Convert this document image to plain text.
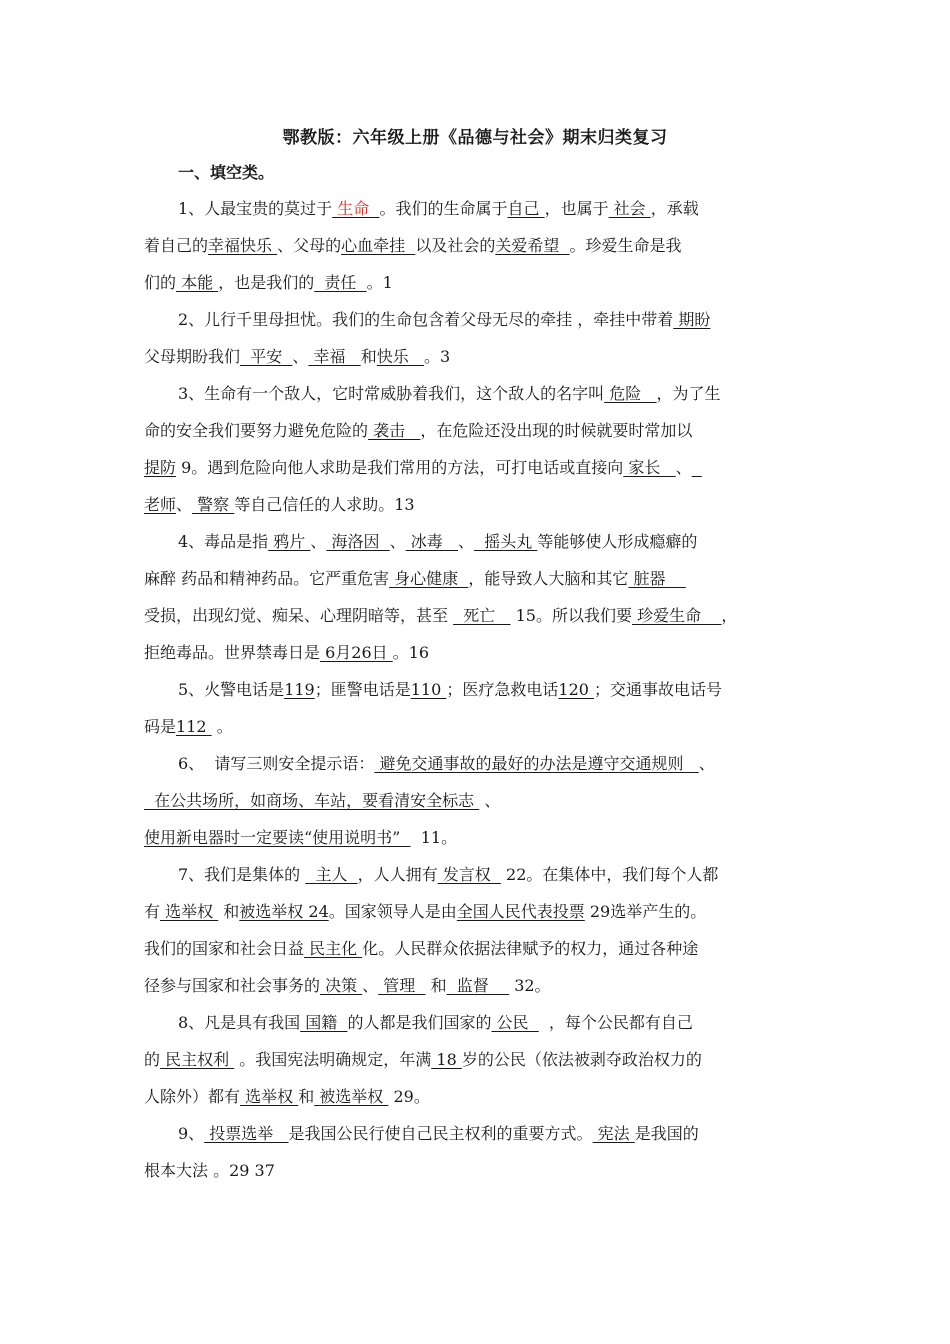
鄂教版：六年级上册《品德与社会》期末归类复习
一、填空类。
1、人最宝贵的莫过于 生命  。我们的生命属于自己 ，也属于 社会 ，承载
着自己的幸福快乐 、父母的心血牵挂  以及社会的关爱希望  。珍爱生命是我
们的 本能 ，也是我们的  责任  。1
2、儿行千里母担忧。我们的生命包含着父母无尽的牵挂 ，牵挂中带着 期盼
父母期盼我们  平安  、 幸福   和快乐   。3
3、生命有一个敌人，它时常威胁着我们，这个敌人的名字叫 危险   ，为了生
命的安全我们要努力避免危险的 袭击   ，在危险还没出现的时候就要时常加以
提防 9。遇到危险向他人求助是我们常用的方法，可打电话或直接向 家长   、
老师、 警察 等自己信任的人求助。13
4、毒品是指 鸦片 、 海洛因  、 冰毒   、  摇头丸 等能够使人形成瘾癖的
麻醉 药品和精神药品。它严重危害 身心健康  ，能导致人大脑和其它 脏器
受损，出现幻觉、痴呆、心理阴暗等，甚至   死亡    15。所以我们要 珍爱生命    ，
拒绝毒品。世界禁毒日是 6月26日 。16
5、火警电话是119；匪警电话是110 ；医疗急救电话120 ；交通事故电话号
码是112  。
6、  请写三则安全提示语： 避免交通事故的最好的办法是遵守交通规则   、
在公共场所，如商场、车站，要看清安全标志  、
使用新电器时一定要读“使用说明书”    11。
7、我们是集体的   主人  ，人人拥有 发言权   22。在集体中，我们每个人都
有 选举权  和被选举权 24。国家领导人是由全国人民代表投票 29选举产生的。
我们的国家和社会日益 民主化 化。人民群众依据法律赋予的权力，通过各种途
径参与国家和社会事务的 决策 、 管理   和  监督     32。
8、凡是具有我国 国籍  的人都是我们国家的 公民    ，每个公民都有自己
的 民主权利  。我国宪法明确规定，年满 18 岁的公民（依法被剥夺政治权力的
人除外）都有 选举权 和 被选举权  29。
9、 投票选举   是我国公民行使自己民主权利的重要方式。 宪法 是我国的
根本大法 。29 37
